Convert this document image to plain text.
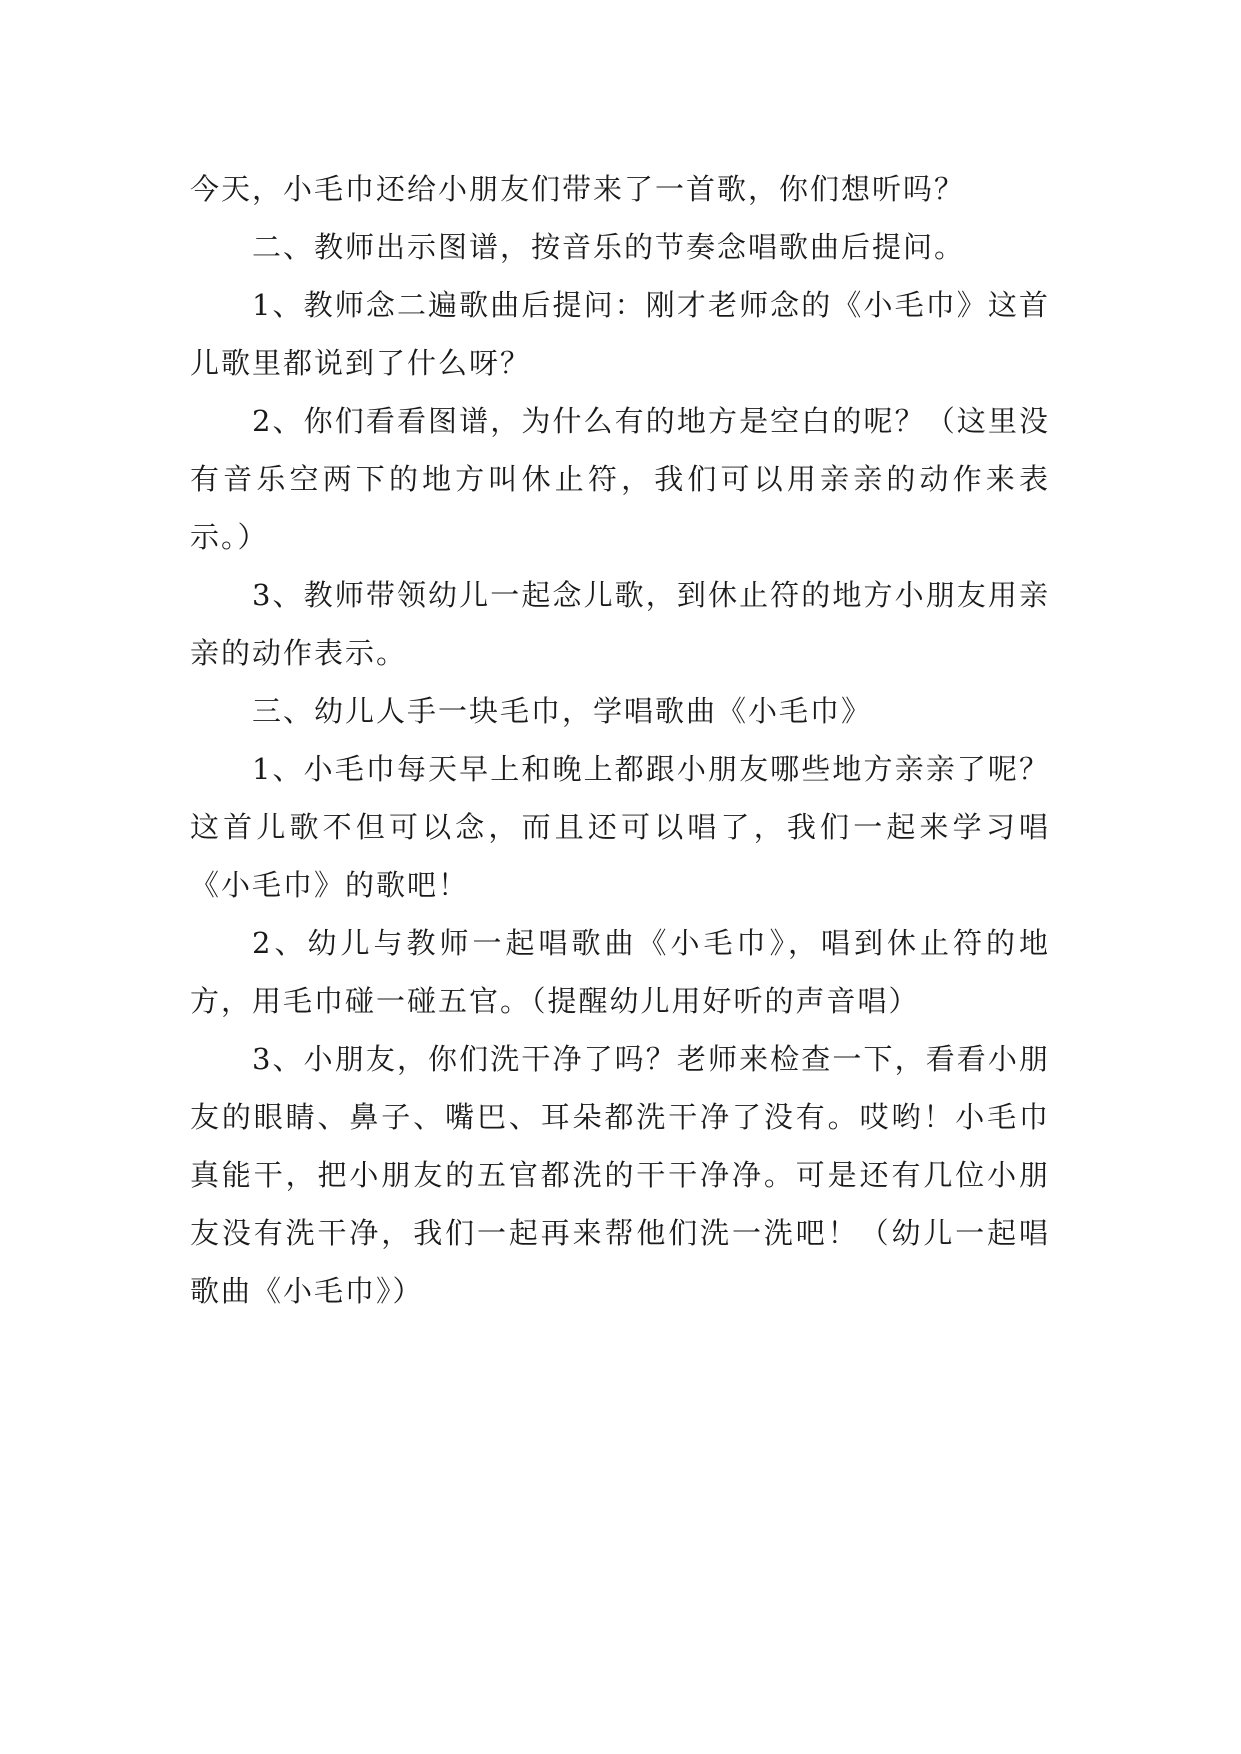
今天，小毛巾还给小朋友们带来了一首歌，你们想听吗？

二、教师出示图谱，按音乐的节奏念唱歌曲后提问。

1、教师念二遍歌曲后提问：刚才老师念的《小毛巾》这首儿歌里都说到了什么呀？

2、你们看看图谱，为什么有的地方是空白的呢？（这里没有音乐空两下的地方叫休止符，我们可以用亲亲的动作来表示。）

3、教师带领幼儿一起念儿歌，到休止符的地方小朋友用亲亲的动作表示。

三、幼儿人手一块毛巾，学唱歌曲《小毛巾》

1、小毛巾每天早上和晚上都跟小朋友哪些地方亲亲了呢？这首儿歌不但可以念，而且还可以唱了，我们一起来学习唱《小毛巾》的歌吧！

2、幼儿与教师一起唱歌曲《小毛巾》，唱到休止符的地方，用毛巾碰一碰五官。（提醒幼儿用好听的声音唱）

3、小朋友，你们洗干净了吗？老师来检查一下，看看小朋友的眼睛、鼻子、嘴巴、耳朵都洗干净了没有。哎哟！小毛巾真能干，把小朋友的五官都洗的干干净净。可是还有几位小朋友没有洗干净，我们一起再来帮他们洗一洗吧！（幼儿一起唱歌曲《小毛巾》）
